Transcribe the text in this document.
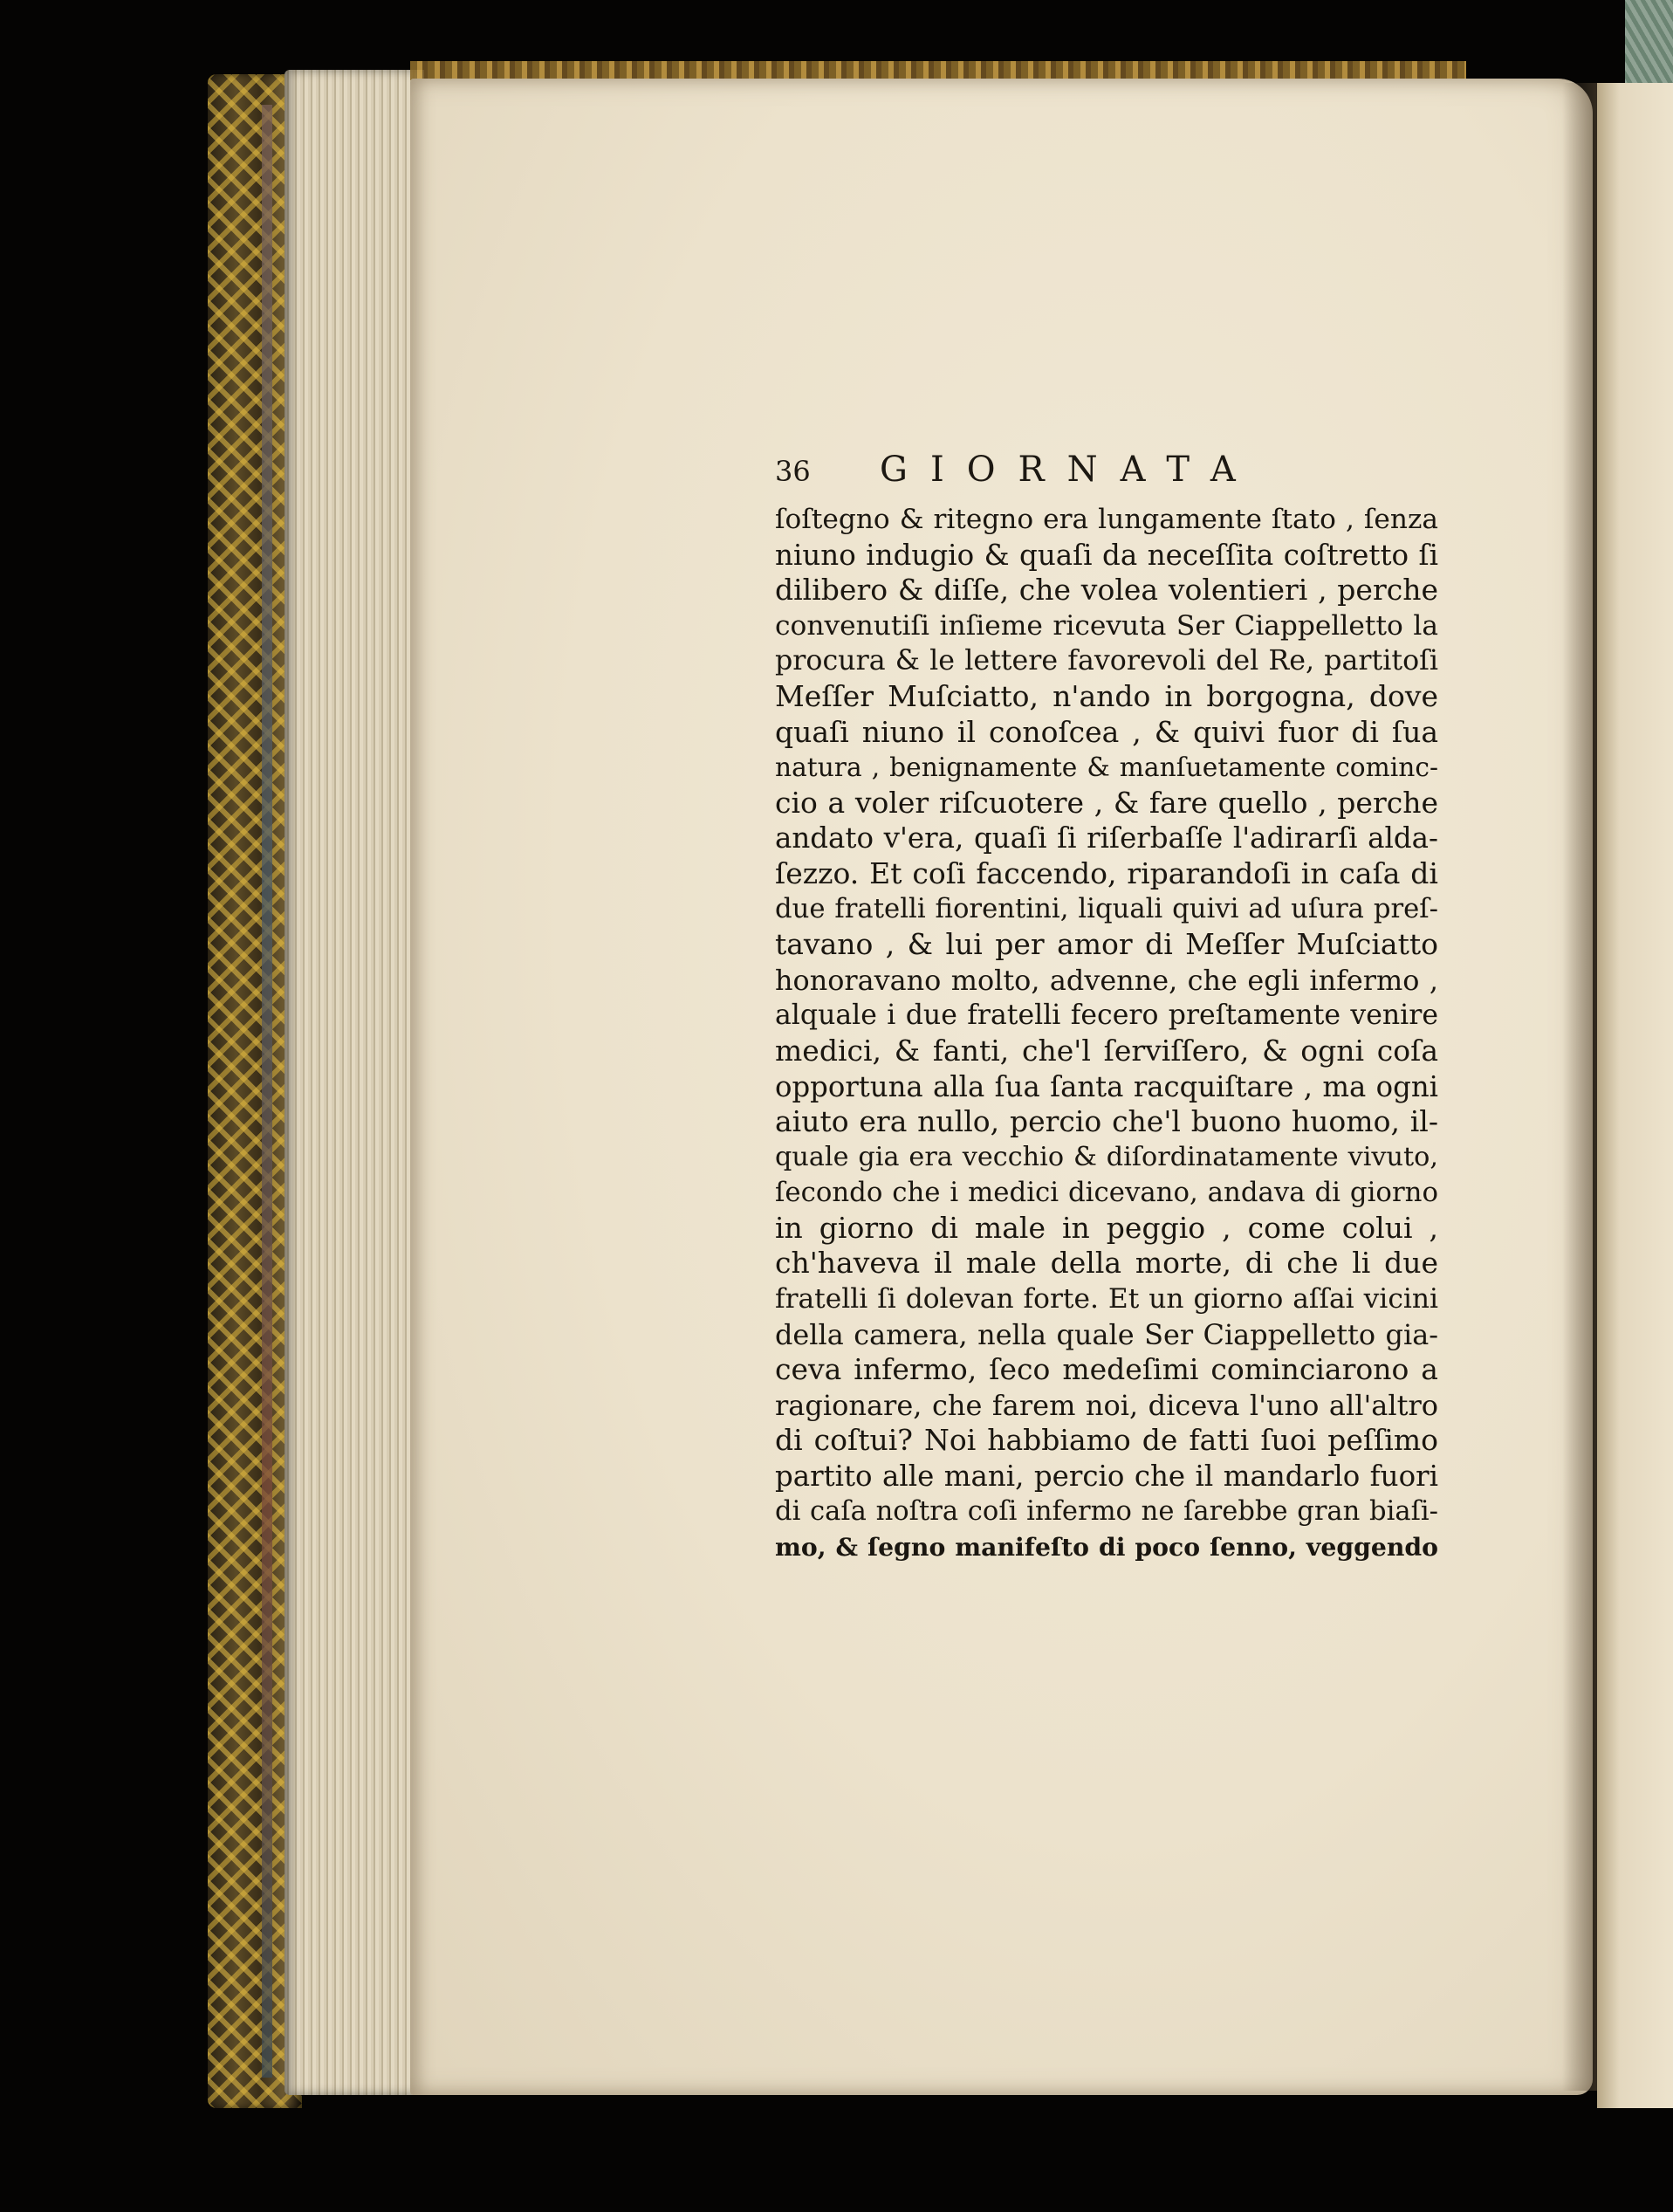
36 GIORNATA
ſoſtegno & ritegno era lungamente ſtato , ſenza
niuno indugio & quaſi da neceſſita coſtretto ſi
dilibero & diſſe, che volea volentieri , perche
convenutiſi inſieme ricevuta Ser Ciappelletto la
procura & le lettere favorevoli del Re, partitoſi
Meſſer Muſciatto, n'ando in borgogna, dove
quaſi niuno il conoſcea , & quivi fuor di ſua
natura , benignamente & manſuetamente cominc-
cio a voler riſcuotere , & fare quello , perche
andato v'era, quaſi ſi riſerbaſſe l'adirarſi alda-
ſezzo. Et coſi faccendo, riparandoſi in caſa di
due fratelli fiorentini, liquali quivi ad uſura preſ-
tavano , & lui per amor di Meſſer Muſciatto
honoravano molto, advenne, che egli infermo ,
alquale i due fratelli fecero preſtamente venire
medici, & fanti, che'l ſerviſſero, & ogni coſa
opportuna alla ſua ſanta racquiſtare , ma ogni
aiuto era nullo, percio che'l buono huomo, il-
quale gia era vecchio & diſordinatamente vivuto,
ſecondo che i medici dicevano, andava di giorno
in giorno di male in peggio , come colui ,
ch'haveva il male della morte, di che li due
fratelli ſi dolevan forte. Et un giorno aſſai vicini
della camera, nella quale Ser Ciappelletto gia-
ceva infermo, ſeco medeſimi cominciarono a
ragionare, che farem noi, diceva l'uno all'altro
di coſtui? Noi habbiamo de fatti ſuoi peſſimo
partito alle mani, percio che il mandarlo fuori
di caſa noſtra coſi infermo ne ſarebbe gran biaſi-
mo, & ſegno manifeſto di poco ſenno, veggendo
